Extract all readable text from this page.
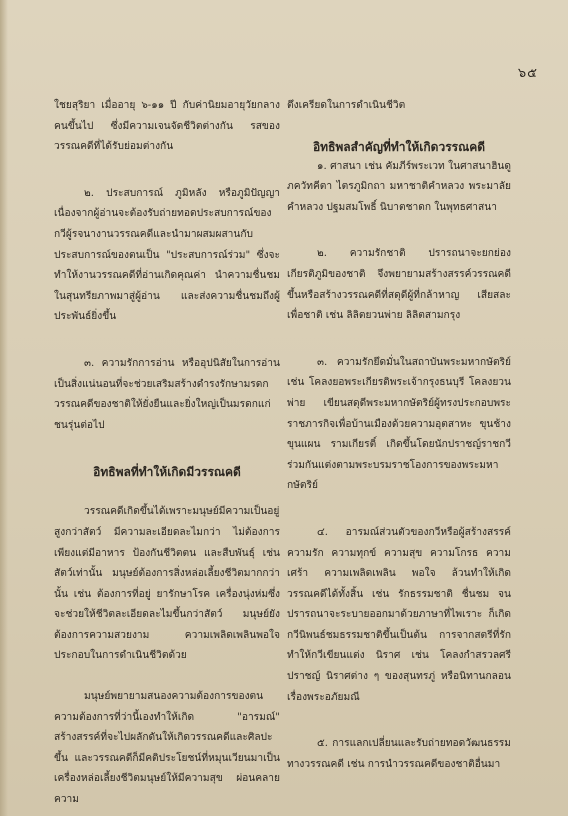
๖๕

ใชยสุริยา เมื่ออายุ ๖-๑๑ ปี กับค่านิยมอายุวัยกลางคนขึ้นไป ซึ่งมีความเจนจัดชีวิตต่างกัน รสของวรรณคดีที่ได้รับย่อมต่างกัน

๒. ประสบการณ์ ภูมิหลัง หรือภูมิปัญญาเนื่องจากผู้อ่านจะต้องรับถ่ายทอดประสบการณ์ของกวีผู้รจนางานวรรณคดีและนำมาผสมผสานกับประสบการณ์ของตนเป็น "ประสบการณ์ร่วม" ซึ่งจะทำให้งานวรรณคดีที่อ่านเกิดคุณค่า นำความชื่นชมในสุนทรียภาพมาสู่ผู้อ่าน และส่งความชื่นชมถึงผู้ประพันธ์ยิ่งขึ้น

๓. ความรักการอ่าน หรืออุปนิสัยในการอ่านเป็นสิ่งแน่นอนที่จะช่วยเสริมสร้างดำรงรักษามรดกวรรณคดีของชาติให้ยั่งยืนและยิ่งใหญ่เป็นมรดกแก่ชนรุ่นต่อไป

อิทธิพลที่ทำให้เกิดมีวรรณคดี

วรรณคดีเกิดขึ้นได้เพราะมนุษย์มีความเป็นอยู่สูงกว่าสัตว์ มีความละเอียดละไมกว่า ไม่ต้องการเพียงแต่มีอาหาร ป้องกันชีวิตตน และสืบพันธุ์ เช่นสัตว์เท่านั้น มนุษย์ต้องการสิ่งหล่อเลี้ยงชีวิตมากกว่านั้น เช่น ต้องการที่อยู่ ยารักษาโรค เครื่องนุ่งห่มซึ่งจะช่วยให้ชีวิตละเอียดละไมขึ้นกว่าสัตว์ มนุษย์ยังต้องการความสวยงาม ความเพลิดเพลินพอใจประกอบในการดำเนินชีวิตด้วย

มนุษย์พยายามสนองความต้องการของตนความต้องการที่ว่านี้เองทำให้เกิด "อารมณ์" สร้างสรรค์ที่จะไปผลักดันให้เกิดวรรณคดีและศิลปะขึ้น และวรรณคดีก็มีคติประโยชน์ที่หมุนเวียนมาเป็นเครื่องหล่อเลี้ยงชีวิตมนุษย์ให้มีความสุข ผ่อนคลายความ

ตึงเครียดในการดำเนินชีวิต

อิทธิพลสำคัญที่ทำให้เกิดวรรณคดี

๑. ศาสนา เช่น คัมภีร์พระเวท ในศาสนาฮินดู ภควัทคีตา ไตรภูมิกถา มหาชาติคำหลวง พระมาลัยคำหลวง ปฐมสมโพธิ์ นิบาตชาดก ในพุทธศาสนา

๒. ความรักชาติ ปรารถนาจะยกย่องเกียรติภูมิของชาติ จึงพยายามสร้างสรรค์วรรณคดีขึ้นหรือสร้างวรรณคดีที่สดุดีผู้ที่กล้าหาญ เสียสละเพื่อชาติ เช่น ลิลิตยวนพ่าย ลิลิตสามกรุง

๓. ความรักยึดมั่นในสถาบันพระมหากษัตริย์ เช่น โคลงยอพระเกียรติพระเจ้ากรุงธนบุรี โคลงยวนพ่าย เขียนสดุดีพระมหากษัตริย์ผู้ทรงประกอบพระราชภารกิจเพื่อบ้านเมืองด้วยความอุตสาหะ ขุนช้างขุนแผน รามเกียรติ์ เกิดขึ้นโดยนักปราชญ์ราชกวีร่วมกันแต่งตามพระบรมราชโองการของพระมหากษัตริย์

๔. อารมณ์ส่วนตัวของกวีหรือผู้สร้างสรรค์ ความรัก ความทุกข์ ความสุข ความโกรธ ความเศร้า ความเพลิดเพลิน พอใจ ล้วนทำให้เกิดวรรณคดีได้ทั้งสิ้น เช่น รักธรรมชาติ ชื่นชม จนปรารถนาจะระบายออกมาด้วยภาษาที่ไพเราะ ก็เกิดกวีนิพนธ์ชมธรรมชาติขึ้นเป็นต้น การจากสตรีที่รักทำให้กวีเขียนแต่ง นิราศ เช่น โคลงกำสรวลศรีปราชญ์ นิราศต่าง ๆ ของสุนทรภู่ หรือนิทานกลอน เรื่องพระอภัยมณี

๕. การแลกเปลี่ยนและรับถ่ายทอดวัฒนธรรมทางวรรณคดี เช่น การนำวรรณคดีของชาติอื่นมา
